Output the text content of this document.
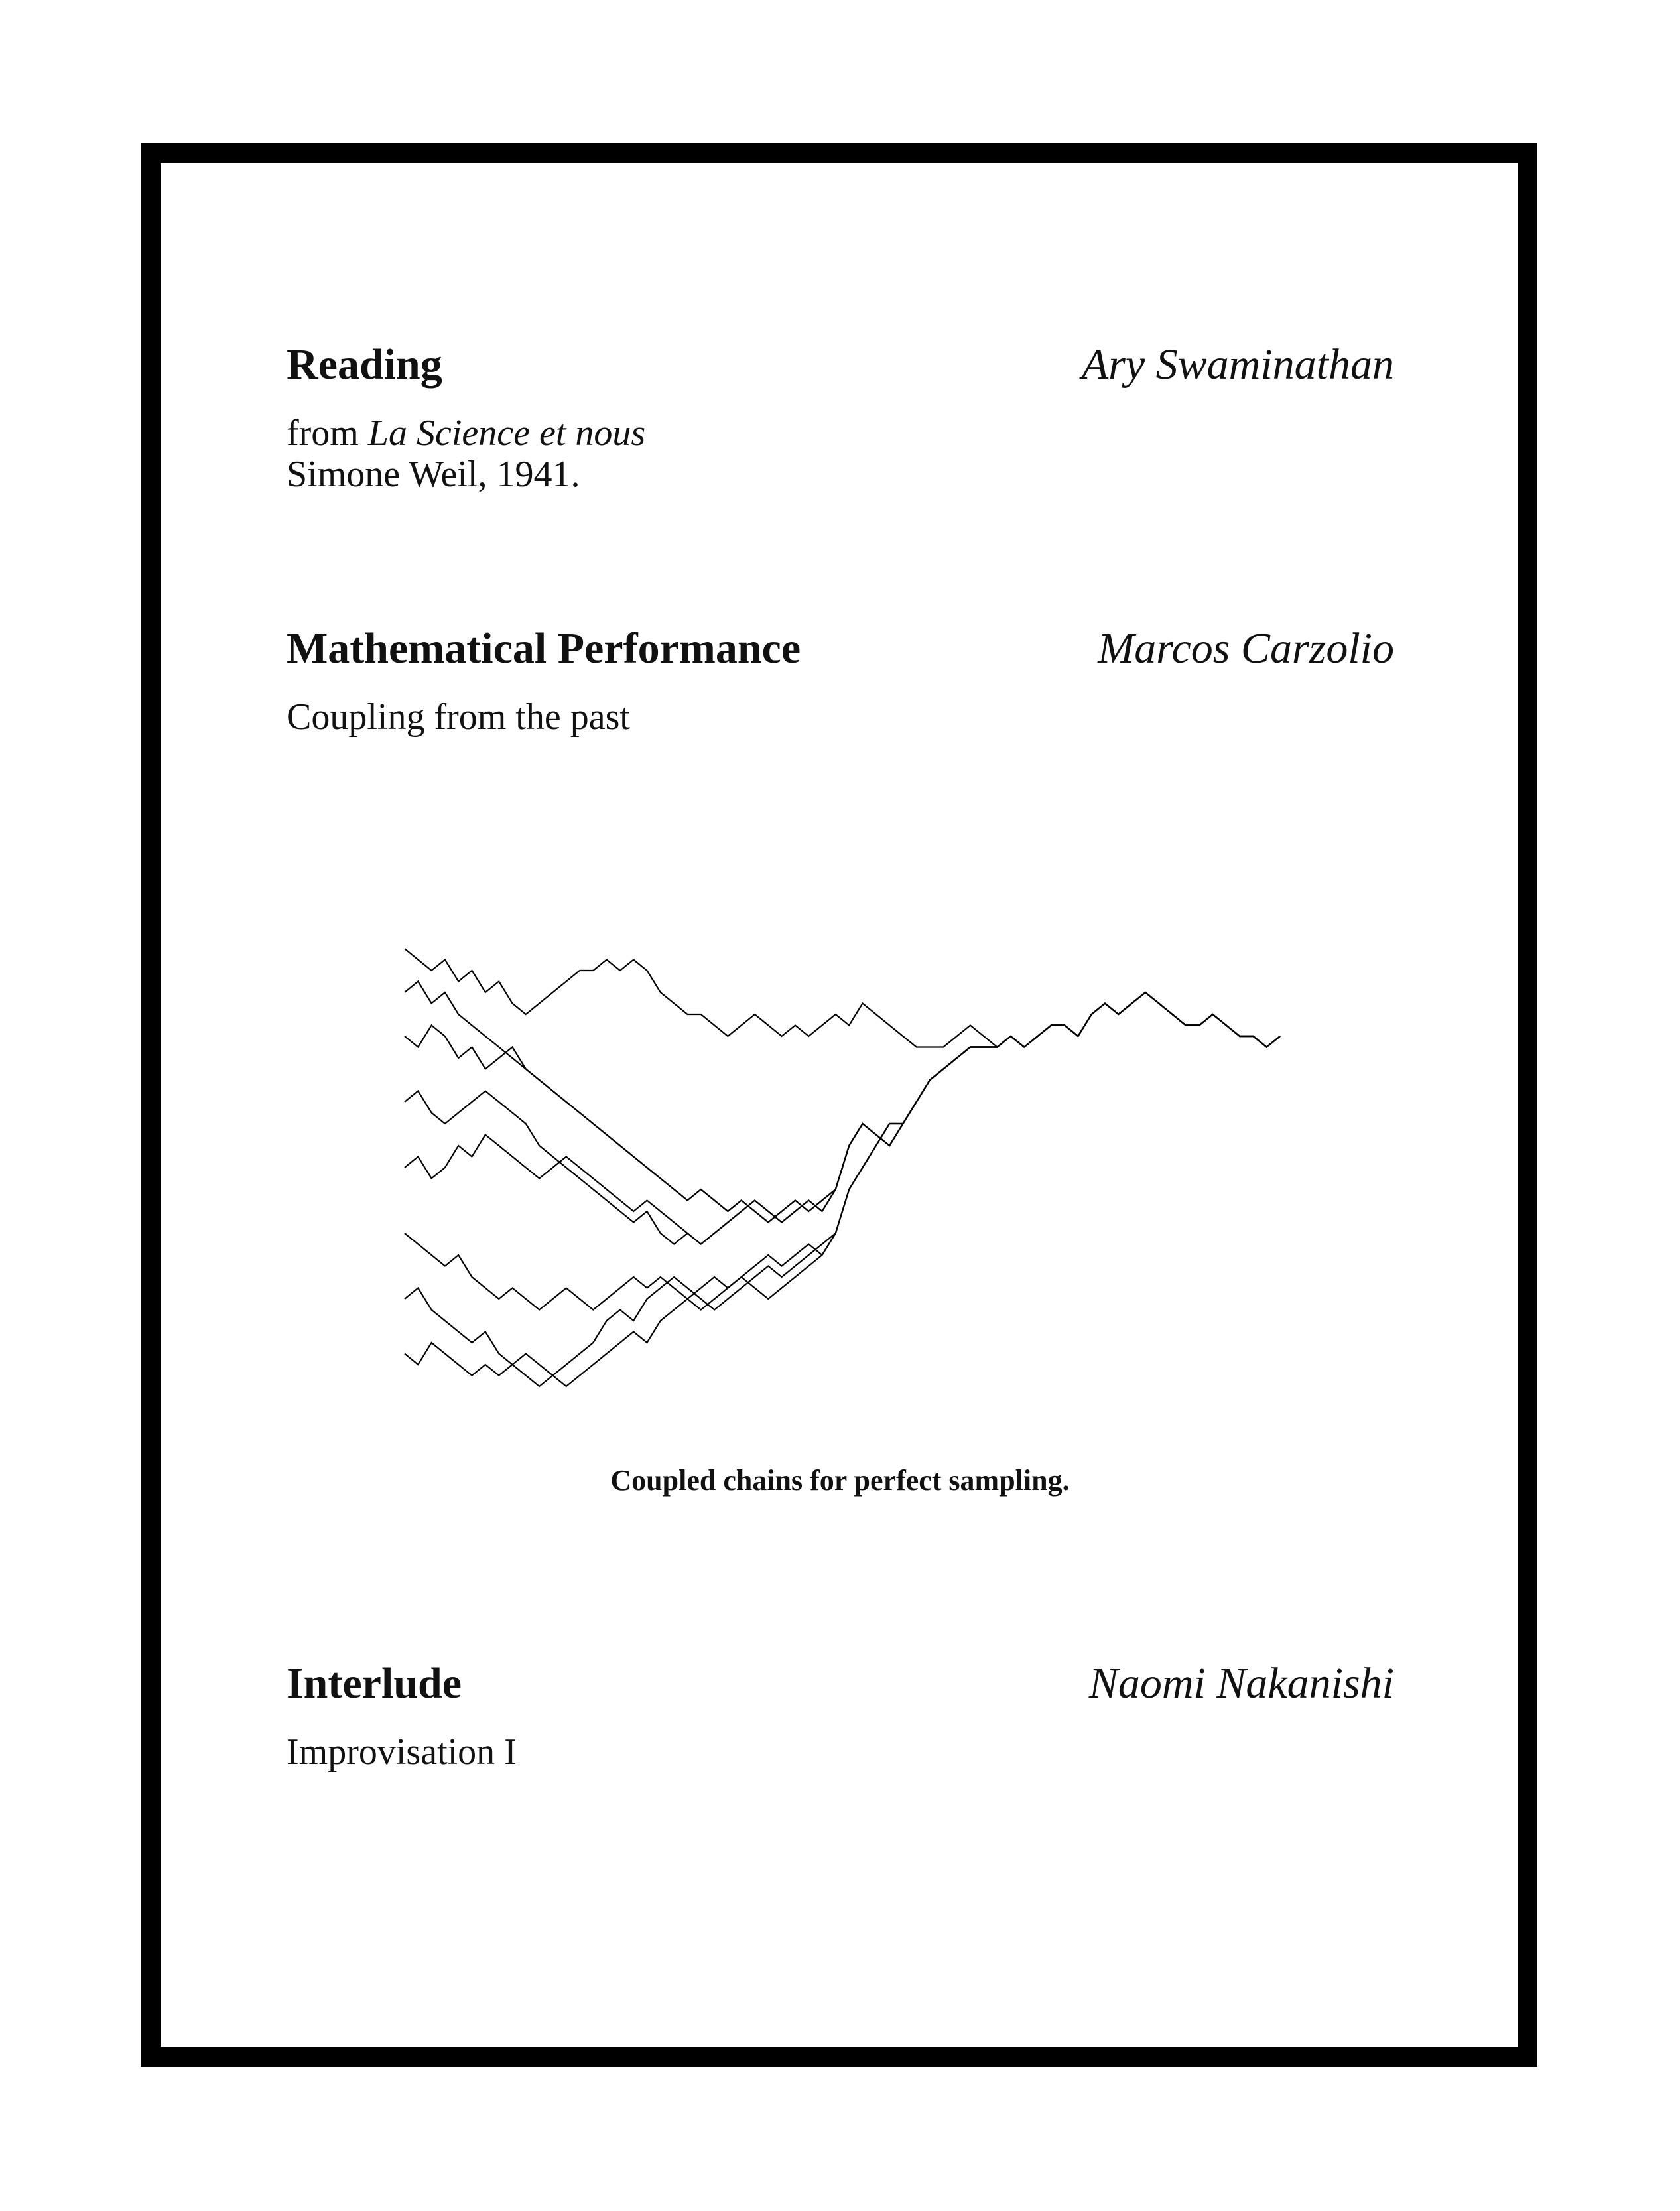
Reading	Ary Swaminathan
from La Science et nous
Simone Weil, 1941.
Mathematical Performance	Marcos Carzolio
Coupling from the past
Coupled chains for perfect sampling.
Interlude	Naomi Nakanishi
Improvisation I
